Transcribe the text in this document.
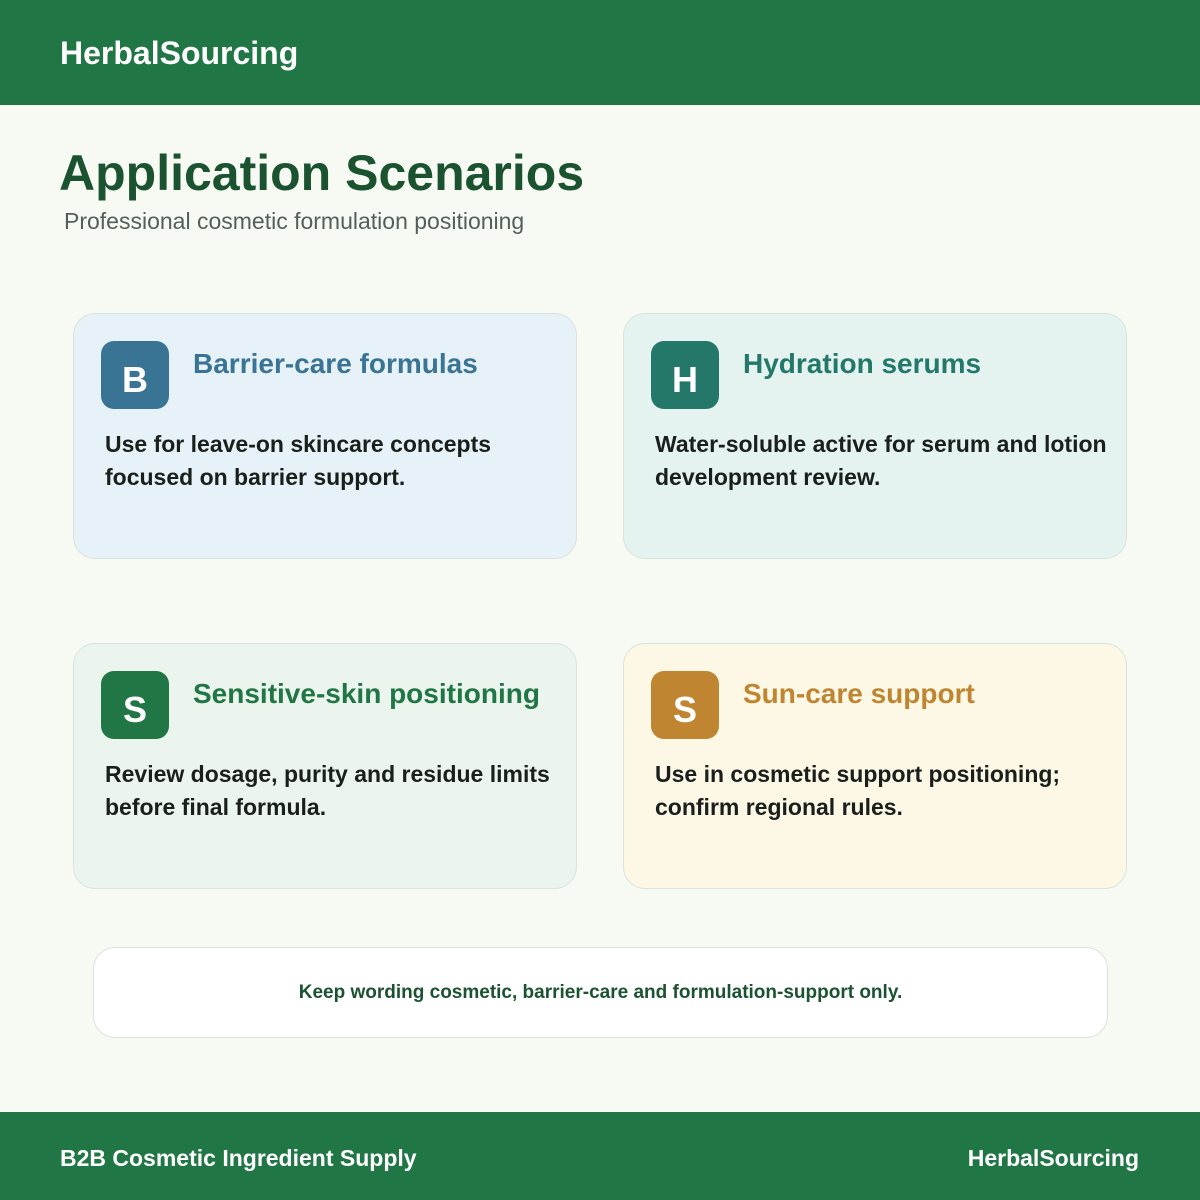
HerbalSourcing
Application Scenarios
Professional cosmetic formulation positioning
B	Barrier-care formulas
Use for leave-on skincare concepts focused on barrier support.
H	Hydration serums
Water-soluble active for serum and lotion development review.
S	Sensitive-skin positioning
Review dosage, purity and residue limits before final formula.
S	Sun-care support
Use in cosmetic support positioning; confirm regional rules.
Keep wording cosmetic, barrier-care and formulation-support only.
B2B Cosmetic Ingredient Supply	HerbalSourcing
